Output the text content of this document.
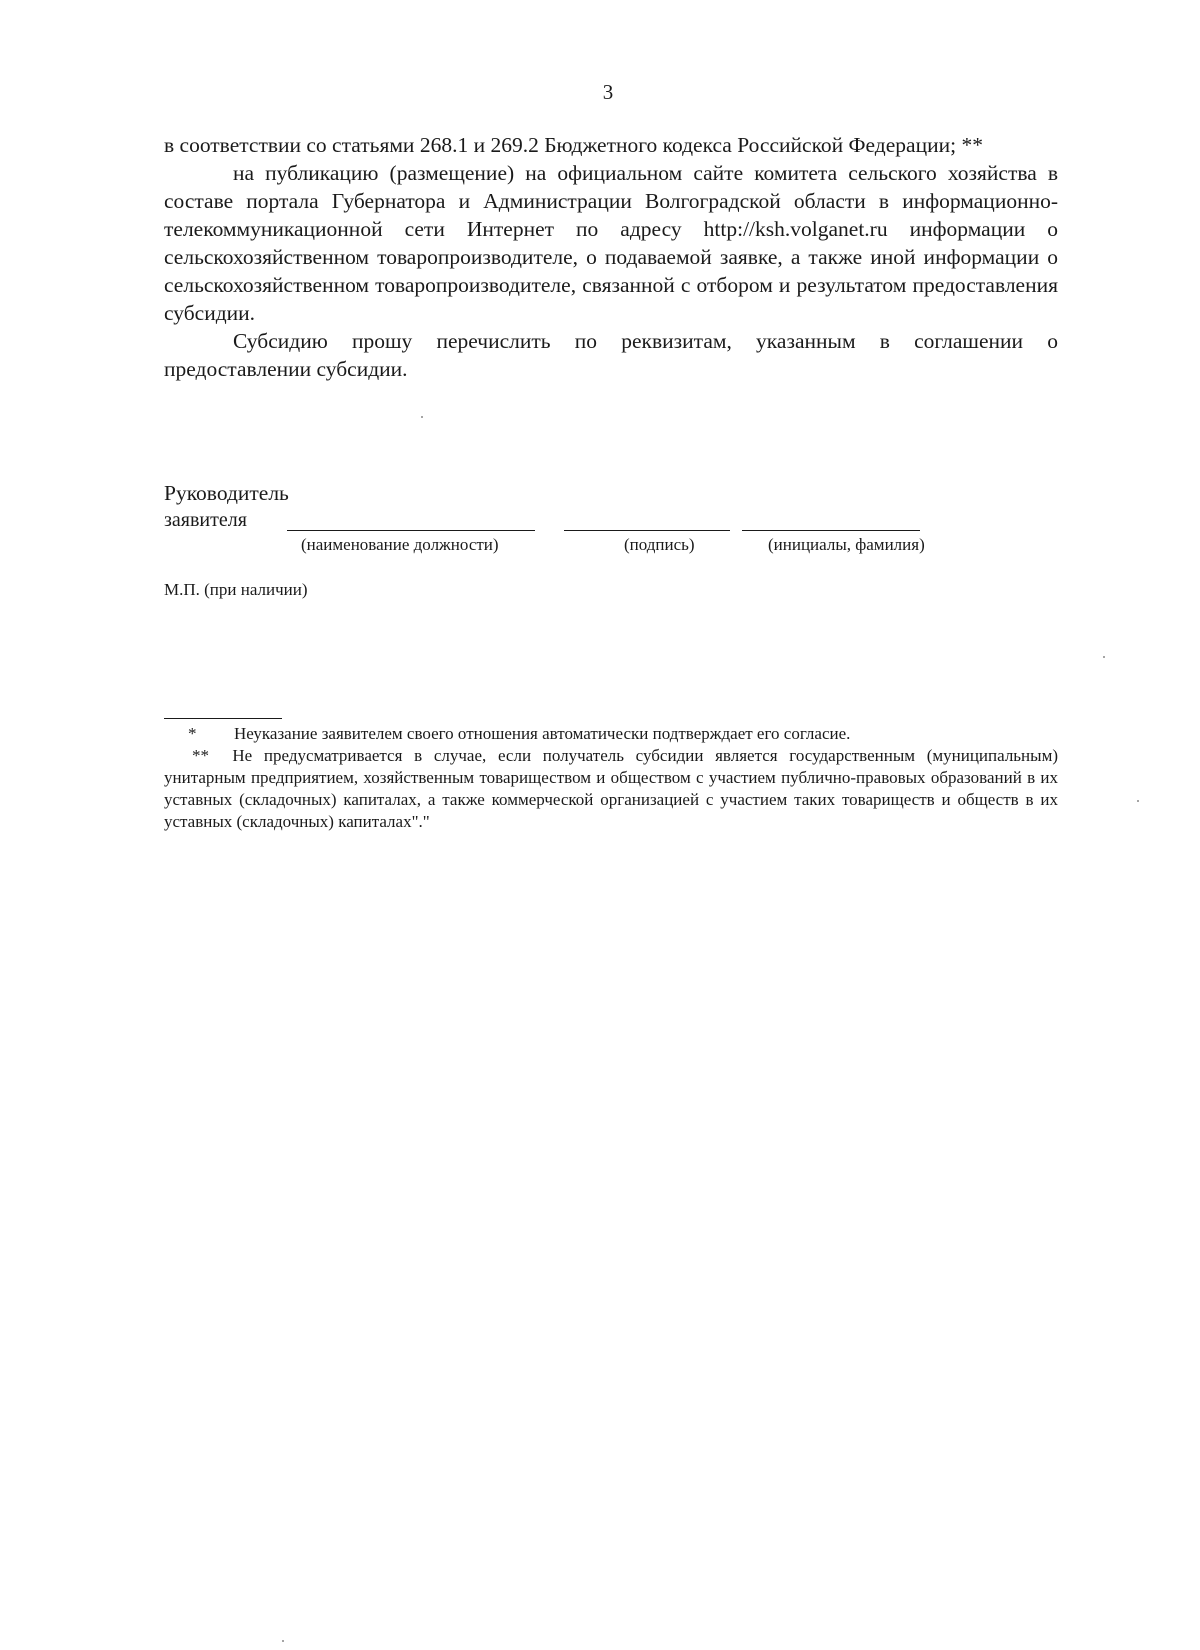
3

в соответствии со статьями 268.1 и 269.2 Бюджетного кодекса Российской Федерации; **

на публикацию (размещение) на официальном сайте комитета сельского хозяйства в составе портала Губернатора и Администрации Волгоградской области в информационно-телекоммуникационной сети Интернет по адресу http://ksh.volganet.ru информации о сельскохозяйственном товаропроизводителе, о подаваемой заявке, а также иной информации о сельскохозяйственном товаропроизводителе, связанной с отбором и результатом предоставления субсидии.

Субсидию прошу перечислить по реквизитам, указанным в соглашении о предоставлении субсидии.

Руководитель
заявителя
(наименование должности)	(подпись)	(инициалы, фамилия)
М.П. (при наличии)

* Неуказание заявителем своего отношения автоматически подтверждает его согласие.

** Не предусматривается в случае, если получатель субсидии является государственным (муниципальным) унитарным предприятием, хозяйственным товариществом и обществом с участием публично-правовых образований в их уставных (складочных) капиталах, а также коммерческой организацией с участием таких товариществ и обществ в их уставных (складочных) капиталах"."
